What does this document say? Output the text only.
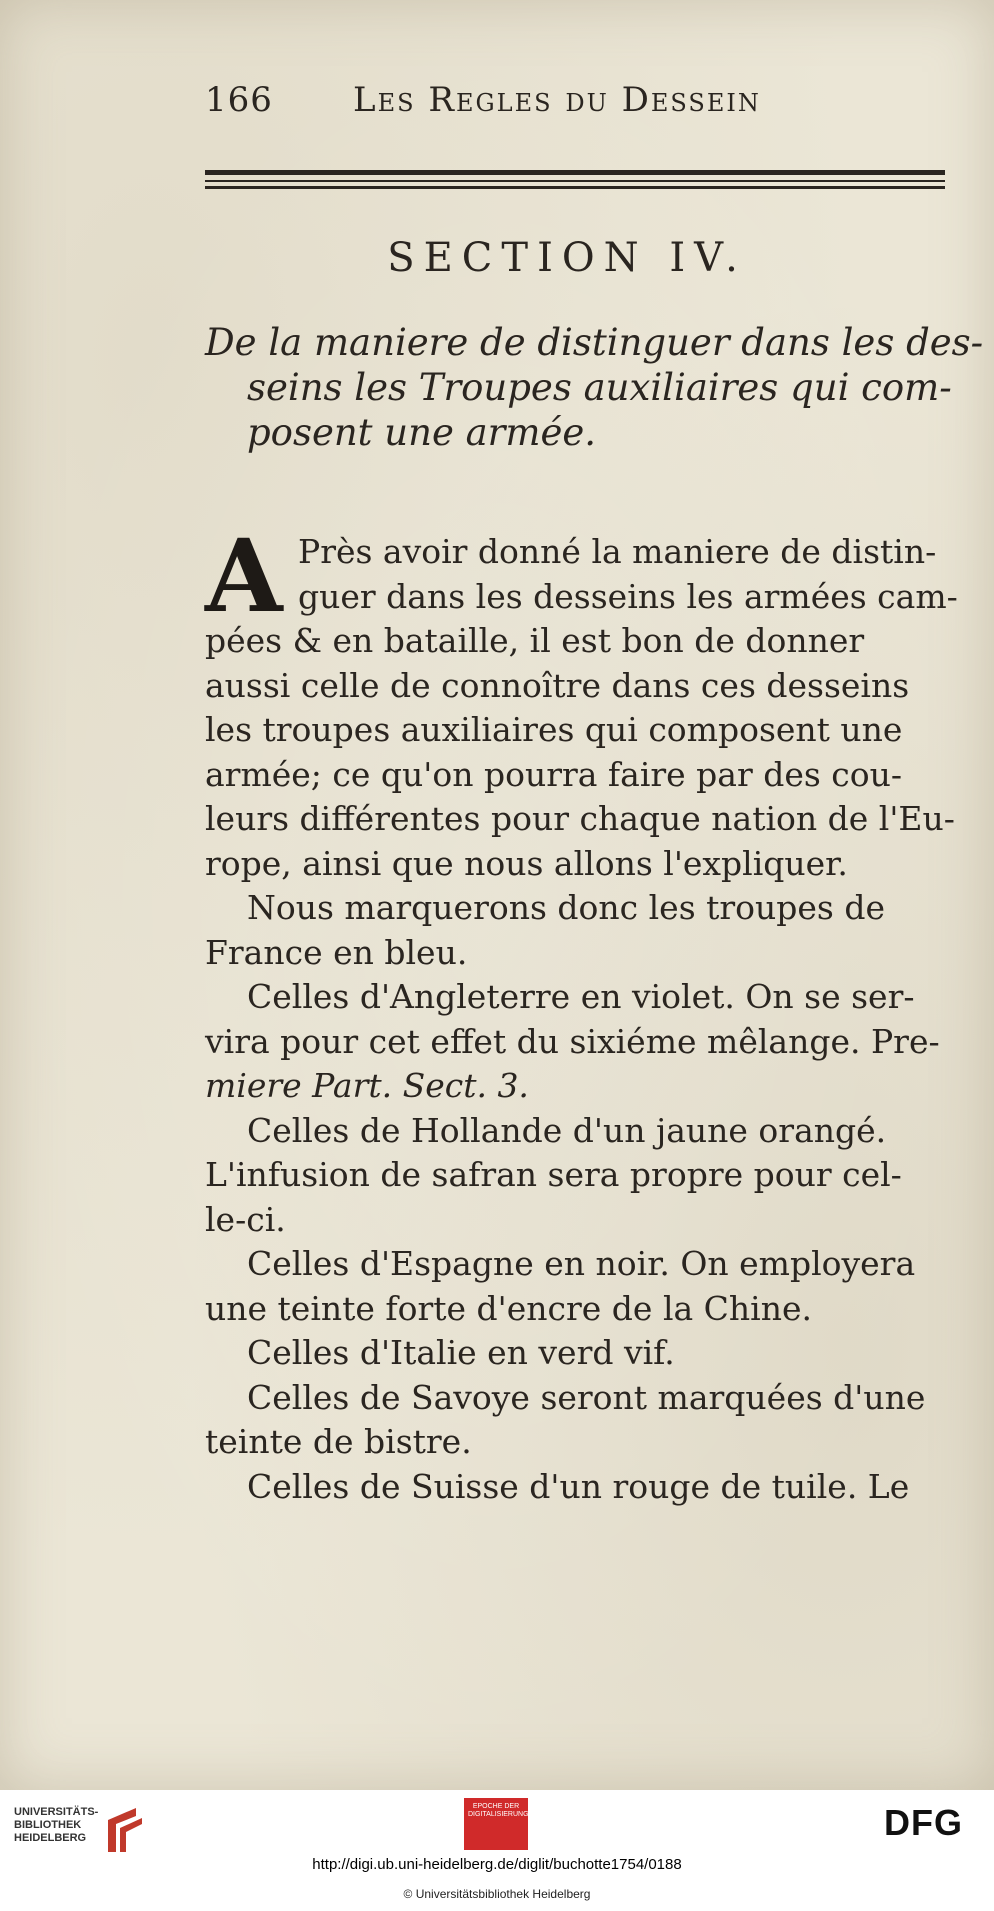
166 Les Regles du Dessein
SECTION IV.
De la maniere de distinguer dans les des-
seins les Troupes auxiliaires qui com-
posent une armée.
A Près avoir donné la maniere de distin-
guer dans les desseins les armées cam-
pées & en bataille, il est bon de donner
aussi celle de connoître dans ces desseins
les troupes auxiliaires qui composent une
armée; ce qu'on pourra faire par des cou-
leurs différentes pour chaque nation de l'Eu-
rope, ainsi que nous allons l'expliquer.
Nous marquerons donc les troupes de
France en bleu.
Celles d'Angleterre en violet. On se ser-
vira pour cet effet du sixiéme mêlange. Pre-
miere Part. Sect. 3.
Celles de Hollande d'un jaune orangé.
L'infusion de safran sera propre pour cel-
le-ci.
Celles d'Espagne en noir. On employera
une teinte forte d'encre de la Chine.
Celles d'Italie en verd vif.
Celles de Savoye seront marquées d'une
teinte de bistre.
Celles de Suisse d'un rouge de tuile. Le
UNIVERSITÄTS-
BIBLIOTHEK
HEIDELBERG
EPOCHE DER DIGITALISIERUNG	DFG
http://digi.ub.uni-heidelberg.de/diglit/buchotte1754/0188
© Universitätsbibliothek Heidelberg
